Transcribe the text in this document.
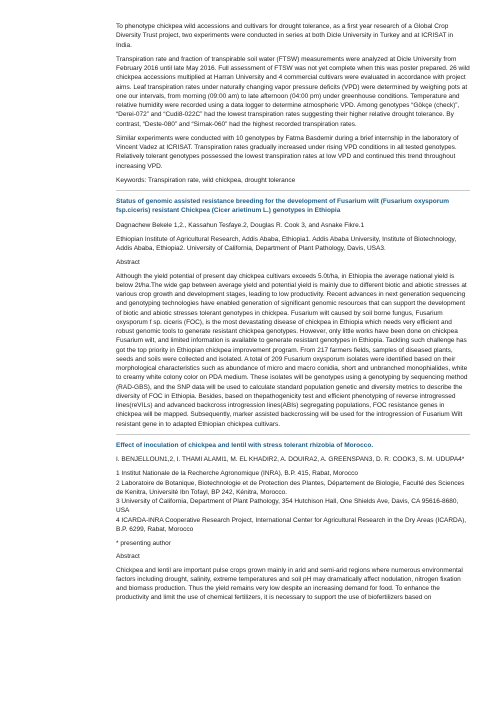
To phenotype chickpea wild accessions and cultivars for drought tolerance, as a first year research of a Global Crop Diversity Trust project, two experiments were conducted in series at both Dicle University in Turkey and at ICRISAT in India.

Transpiration rate and fraction of transpirable soil water (FTSW) measurements were analyzed at Dicle University from February 2016 until late May 2016. Full assessment of FTSW was not yet complete when this was poster prepared. 26 wild chickpea accessions multiplied at Harran University and 4 commercial cultivars were evaluated in accordance with project aims. Leaf transpiration rates under naturally changing vapor pressure deficits (VPD) were determined by weighing pots at one our intervals, from morning (09:00 am) to late afternoon (04:00 pm) under greenhouse conditions. Temperature and relative humidity were recorded using a data logger to determine atmospheric VPD. Among genotypes “Gökçe (check)”, “Derei-072” and “Cudi8-022C” had the lowest transpiration rates suggesting their higher relative drought tolerance. By contrast, “Deste-080” and “Sirnak-060” had the highest recorded transpiration rates.

Similar experiments were conducted with 10 genotypes by Fatma Basdemir during a brief internship in the laboratory of Vincent Vadez at ICRISAT. Transpiration rates gradually increased under rising VPD conditions in all tested genotypes. Relatively tolerant genotypes possessed the lowest transpiration rates at low VPD and continued this trend throughout increasing VPD.

Keywords: Transpiration rate, wild chickpea, drought tolerance

Status of genomic assisted resistance breeding for the development of Fusarium wilt (Fusarium oxysporum fsp.ciceris) resistant Chickpea (Cicer arietinum L.) genotypes in Ethiopia

Dagnachew Bekele 1,2., Kassahun Tesfaye.2, Douglas R. Cook 3, and Asnake Fikre.1

Ethiopian Institute of Agricultural Research, Addis Ababa, Ethiopia1. Addis Ababa University, Institute of Biotechnology, Addis Ababa, Ethiopia2. University of California, Department of Plant Pathology, Davis, USA3.

Abstract

Although the yield potential of present day chickpea cultivars exceeds 5.0t/ha, in Ethiopia the average national yield is below 2t/ha.The wide gap between average yield and potential yield is mainly due to different biotic and abiotic stresses at various crop growth and development stages, leading to low productivity. Recent advances in next generation sequencing and genotyping technologies have enabled generation of significant genomic resources that can support the development of biotic and abiotic stresses tolerant genotypes in chickpea. Fusarium wilt caused by soil borne fungus, Fusarium oxysporum f sp. ciceris (FOC), is the most devastating disease of chickpea in Ethiopia which needs very efficient and robust genomic tools to generate resistant chickpea genotypes. However, only little works have been done on chickpea Fusarium wilt, and limited information is available to generate resistant genotypes in Ethiopia. Tackling such challenge has got the top priority in Ethiopian chickpea improvement program. From 217 farmers fields, samples of diseased plants, seeds and soils were collected and isolated. A total of 209 Fusarium oxysporum isolates were identified based on their morphological characteristics such as abundance of micro and macro conidia, short and unbranched monophialides, white to creamy white colony color on PDA medium. These isolates will be genotypes using a genotyping by sequencing method (RAD-GBS), and the SNP data will be used to calculate standard population genetic and diversity metrics to describe the diversity of FOC in Ethiopia. Besides, based on thepathogenicity test and efficient phenotyping of reverse introgressed lines(reVILs) and advanced backcross introgression lines(ABIs) segregating populations, FOC resistance genes in chickpea will be mapped. Subsequently, marker assisted backcrossing will be used for the introgression of Fusarium Wilt resistant gene in to adapted Ethiopian chickpea cultivars.

Effect of inoculation of chickpea and lentil with stress tolerant rhizobia of Morocco.

I. BENJELLOUN1,2, I. THAMI ALAMI1, M. EL KHADIR2, A. DOUIRA2, A. GREENSPAN3, D. R. COOK3, S. M. UDUPA4*

1 Institut Nationale de la Recherche Agronomique (INRA), B.P. 415, Rabat, Morocco

2 Laboratoire de Botanique, Biotechnologie et de Protection des Plantes, Département de Biologie, Faculté des Sciences de Kenitra, Université Ibn Tofayl, BP 242, Kénitra, Morocco.

3 University of California, Department of Plant Pathology, 354 Hutchison Hall, One Shields Ave, Davis, CA 95616-8680, USA

4 ICARDA-INRA Cooperative Research Project, International Center for Agricultural Research in the Dry Areas (ICARDA), B.P. 6299, Rabat, Morocco

* presenting author

Abstract

Chickpea and lentil are important pulse crops grown mainly in arid and semi-arid regions where numerous environmental factors including drought, salinity, extreme temperatures and soil pH may dramatically affect nodulation, nitrogen fixation and biomass production. Thus the yield remains very low despite an increasing demand for food. To enhance the productivity and limit the use of chemical fertilizers, it is necessary to support the use of biofertilizers based on
